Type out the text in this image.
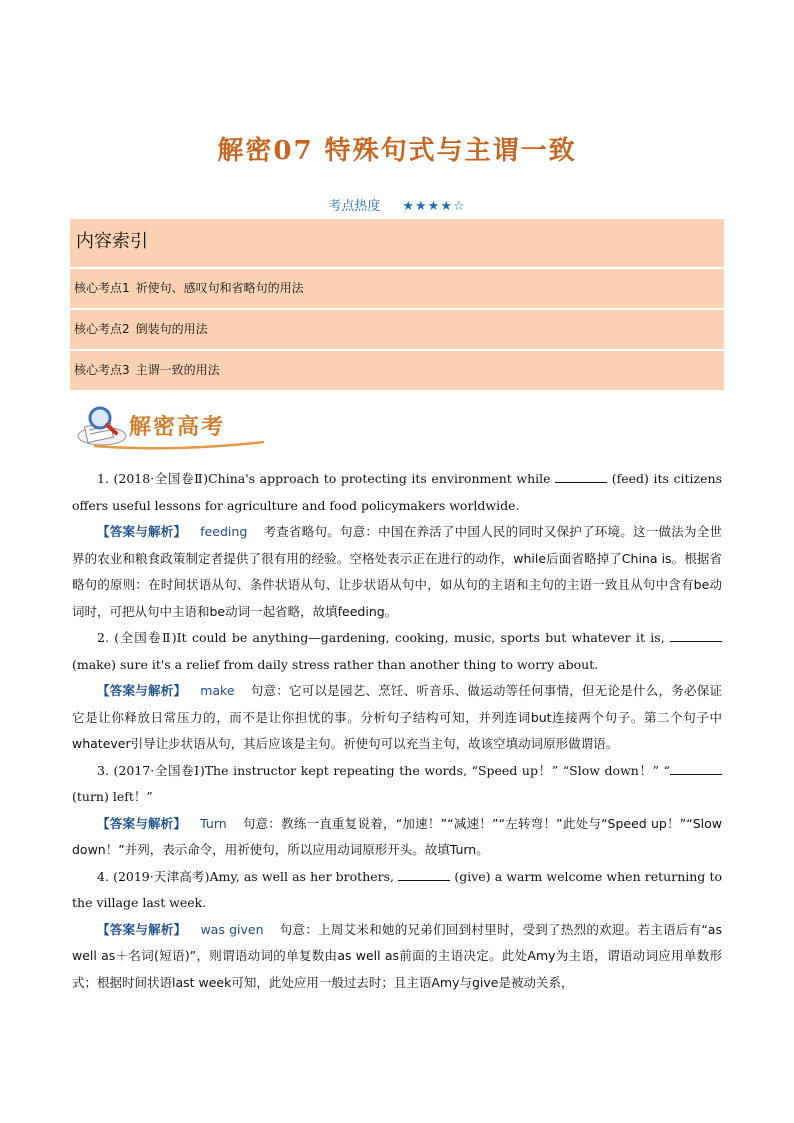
解密07 特殊句式与主谓一致
考点热度 ★★★★☆
内容索引
核心考点1 祈使句、感叹句和省略句的用法
核心考点2 倒装句的用法
核心考点3 主谓一致的用法
解密高考

1. (2018·全国卷Ⅱ)China's approach to protecting its environment while	(feed) its citizens offers useful lessons for agriculture and food policymakers worldwide.

【答案与解析】 feeding 考查省略句。句意：中国在养活了中国人民的同时又保护了环境。这一做法为全世界的农业和粮食政策制定者提供了很有用的经验。空格处表示正在进行的动作，while后面省略掉了China is。根据省略句的原则：在时间状语从句、条件状语从句、让步状语从句中，如从句的主语和主句的主语一致且从句中含有be动词时，可把从句中主语和be动词一起省略，故填feeding。

2. (全国卷Ⅱ)It could be anything—gardening, cooking, music, sports but whatever it is,  (make) sure it's a relief from daily stress rather than another thing to worry about.

【答案与解析】 make 句意：它可以是园艺、烹饪、听音乐、做运动等任何事情，但无论是什么，务必保证它是让你释放日常压力的，而不是让你担忧的事。分析句子结构可知，并列连词but连接两个句子。第二个句子中whatever引导让步状语从句，其后应该是主句。祈使句可以充当主句，故该空填动词原形做谓语。

3. (2017·全国卷Ⅰ)The instructor kept repeating the words, “Speed up！” “Slow down！” “ (turn) left！”

【答案与解析】 Turn 句意：教练一直重复说着，“加速！”“减速！”“左转弯！”此处与“Speed up！”“Slow down！”并列，表示命令，用祈使句，所以应用动词原形开头。故填Turn。

4. (2019·天津高考)Amy, as well as her brothers,	(give) a warm welcome when returning to the village last week.

【答案与解析】 was given 句意：上周艾米和她的兄弟们回到村里时，受到了热烈的欢迎。若主语后有“as well as＋名词(短语)”，则谓语动词的单复数由as well as前面的主语决定。此处Amy为主语，谓语动词应用单数形式；根据时间状语last week可知，此处应用一般过去时；且主语Amy与give是被动关系，
